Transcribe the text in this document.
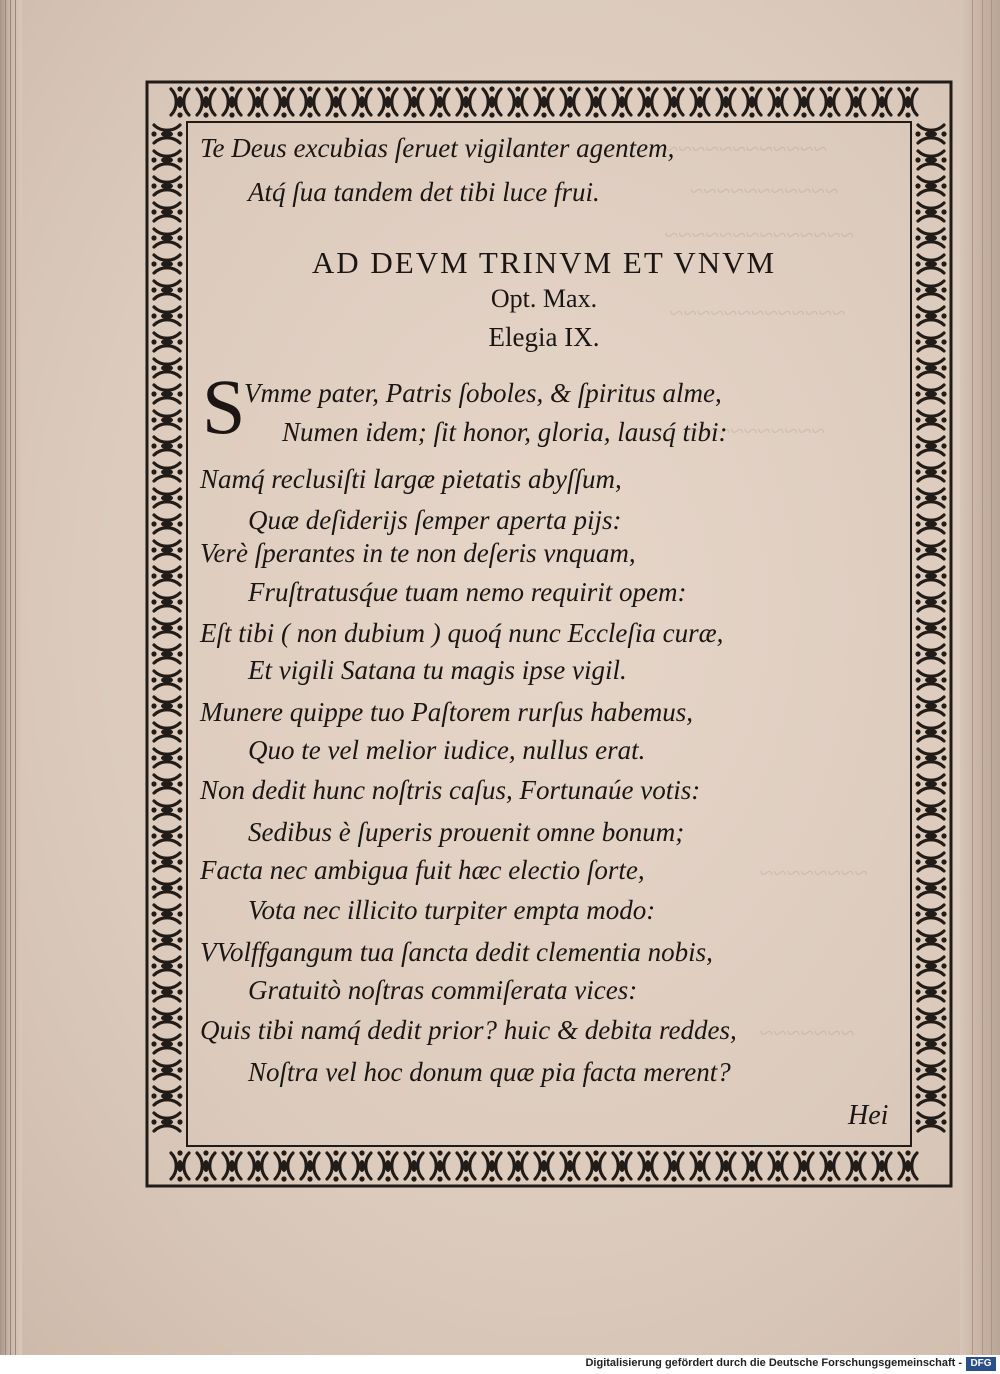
~~~~~~~~~~~~
~~~~~~~~~~~
~~~~~~~~~~~~~~
~~~~~~~~~~~~~
~~~~~~~~~~
~~~~~~~~
~~~~~~~
Te Deus excubias ſeruet vigilanter agentem,
Atq́ ſua tandem det tibi luce frui.
AD DEVM TRINVM ET VNVM
Opt. Max.
Elegia IX.
S
Vmme pater, Patris ſoboles, & ſpiritus alme,
Numen idem; ſit honor, gloria, lausq́ tibi:
Namq́ reclusiſti largæ pietatis abyſſum,
Quæ deſiderijs ſemper aperta pijs:
Verè ſperantes in te non deſeris vnquam,
Fruſtratusq́ue tuam nemo requirit opem:
Eſt tibi ( non dubium ) quoq́ nunc Eccleſia curæ,
Et vigili Satana tu magis ipse vigil.
Munere quippe tuo Paſtorem rurſus habemus,
Quo te vel melior iudice, nullus erat.
Non dedit hunc noſtris caſus, Fortunaúe votis:
Sedibus è ſuperis prouenit omne bonum;
Facta nec ambigua fuit hæc electio ſorte,
Vota nec illicito turpiter empta modo:
VVolffgangum tua ſancta dedit clementia nobis,
Gratuitò noſtras commiſerata vices:
Quis tibi namq́ dedit prior? huic & debita reddes,
Noſtra vel hoc donum quæ pia facta merent?
Hei
Digitalisierung gefördert durch die Deutsche Forschungsgemeinschaft - DFG
